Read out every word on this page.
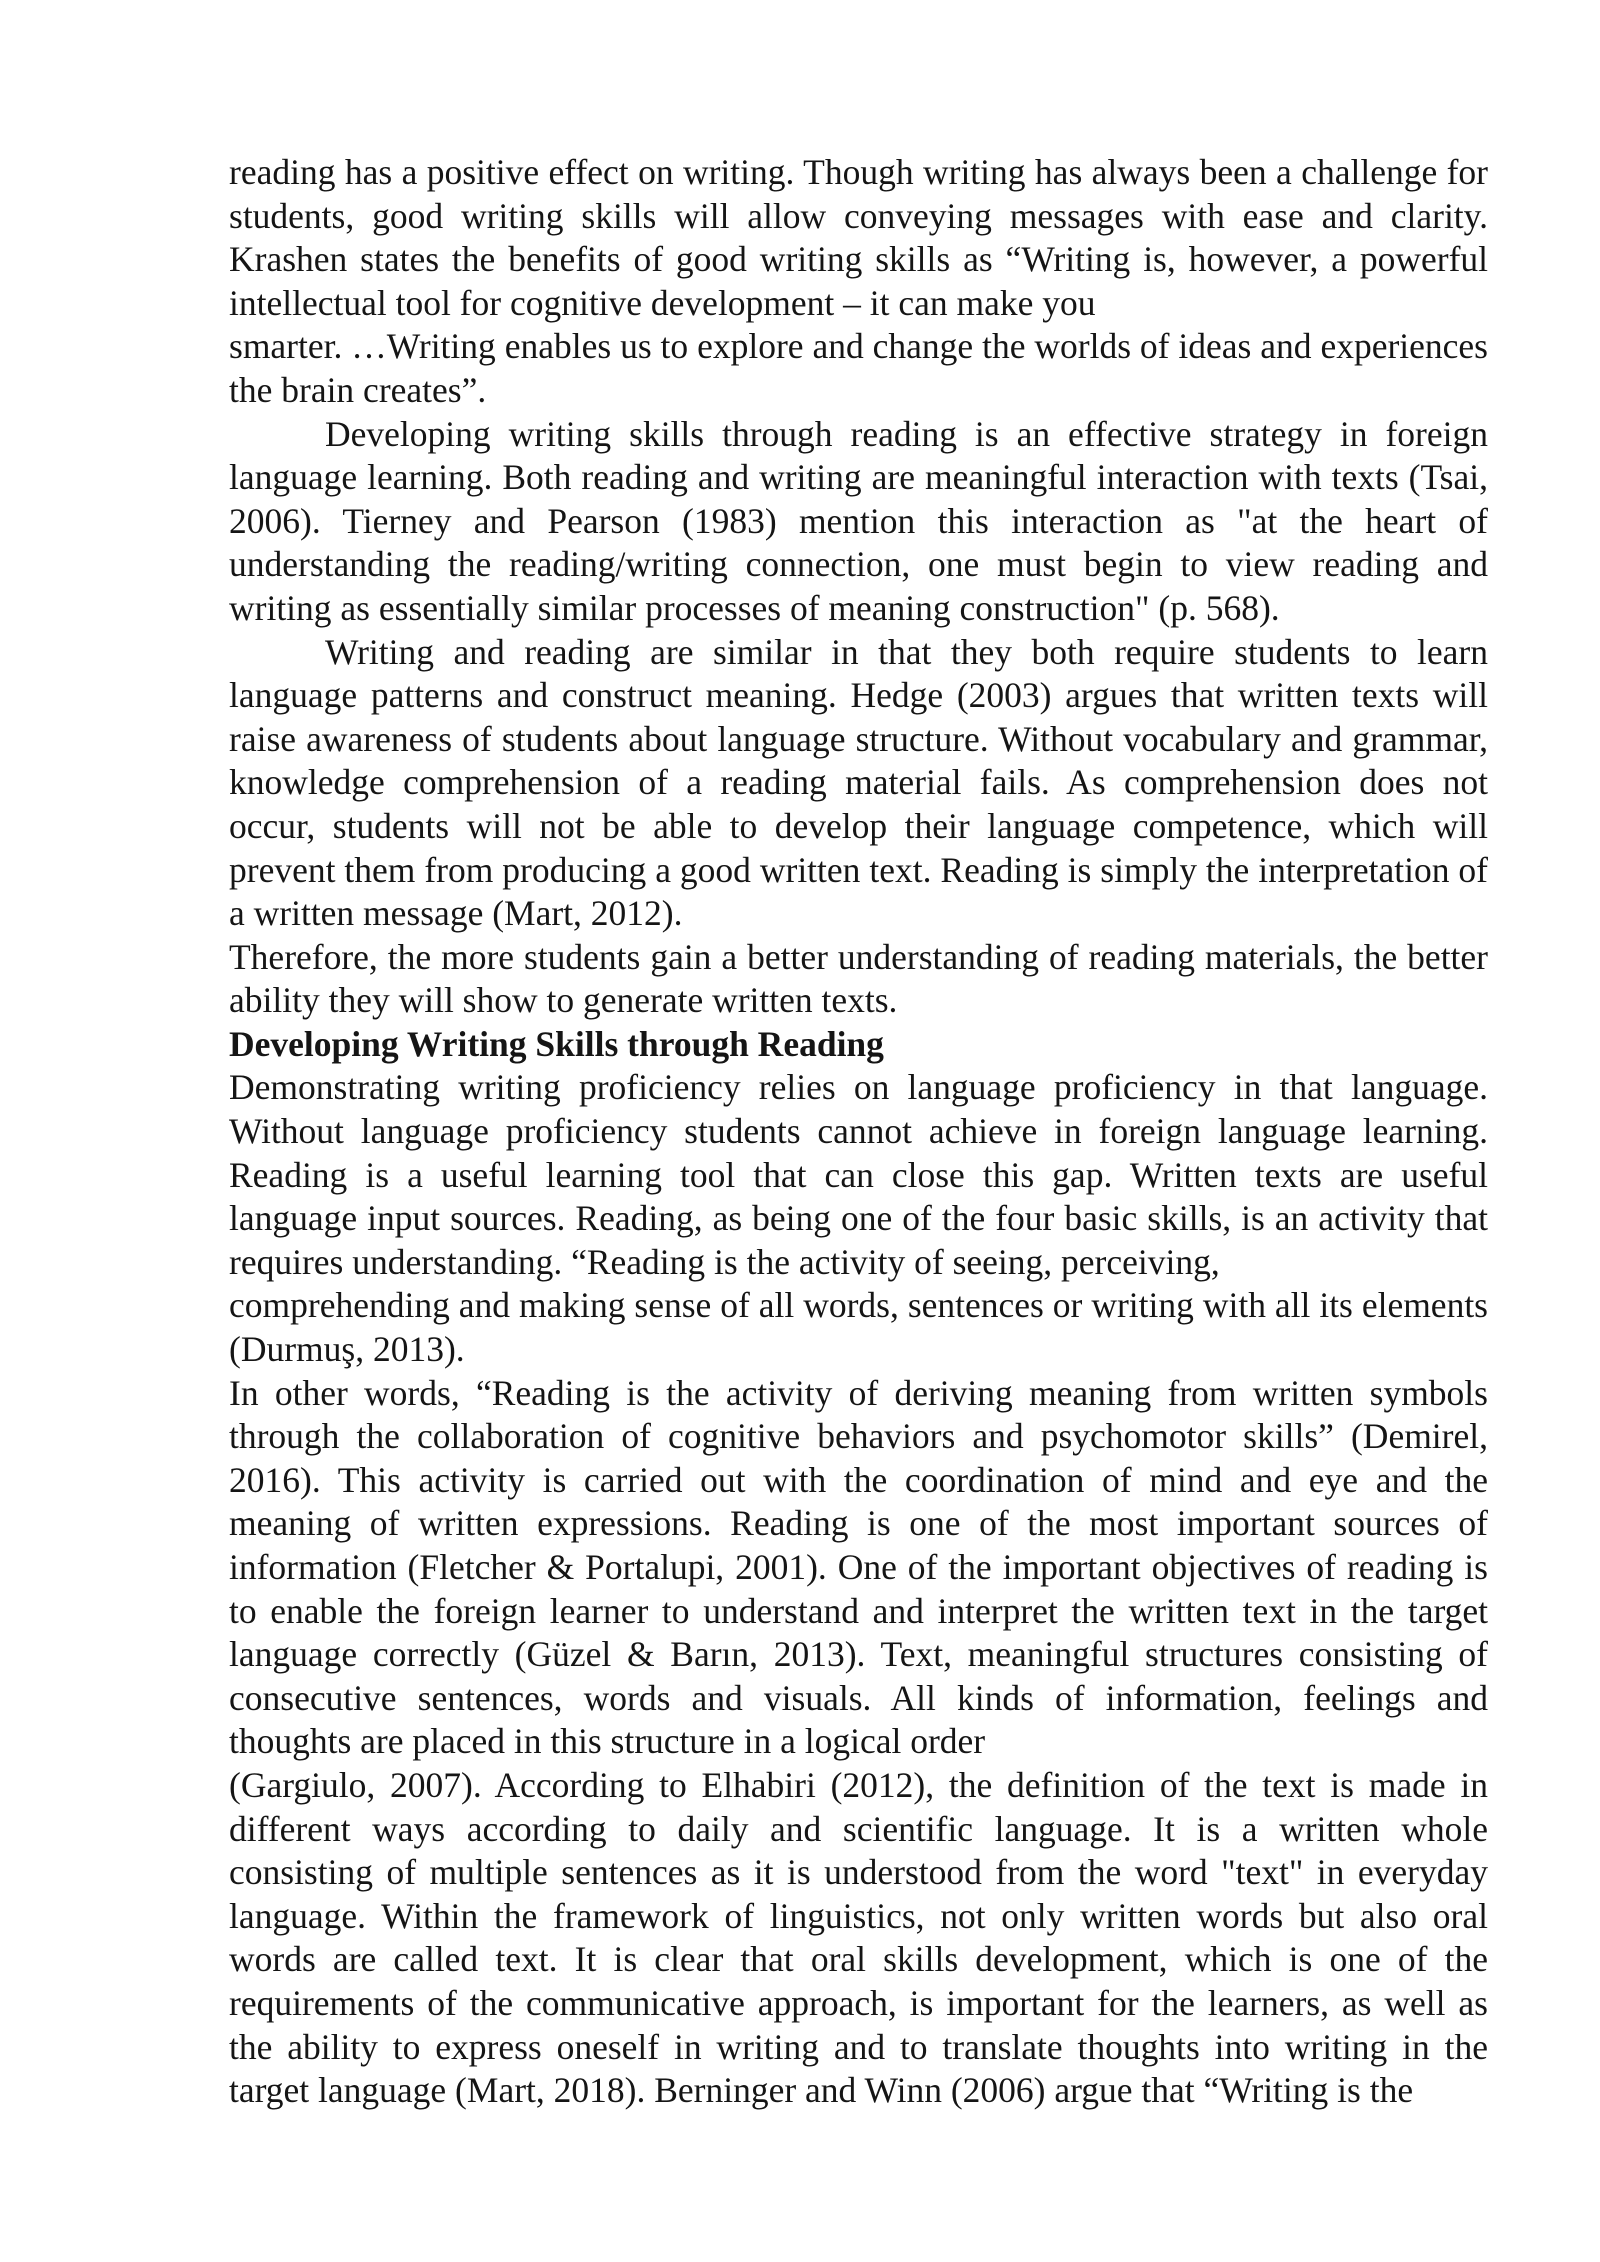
reading has a positive effect on writing. Though writing has always been a challenge for students, good writing skills will allow conveying messages with ease and clarity. Krashen states the benefits of good writing skills as “Writing is, however, a powerful intellectual tool for cognitive development – it can make you

smarter. …Writing enables us to explore and change the worlds of ideas and experiences the brain creates”.

Developing writing skills through reading is an effective strategy in foreign language learning. Both reading and writing are meaningful interaction with texts (Tsai, 2006). Tierney and Pearson (1983) mention this interaction as "at the heart of understanding the reading/writing connection, one must begin to view reading and writing as essentially similar processes of meaning construction" (p. 568).

Writing and reading are similar in that they both require students to learn language patterns and construct meaning. Hedge (2003) argues that written texts will raise awareness of students about language structure. Without vocabulary and grammar, knowledge comprehension of a reading material fails. As comprehension does not occur, students will not be able to develop their language competence, which will prevent them from producing a good written text. Reading is simply the interpretation of a written message (Mart, 2012).

Therefore, the more students gain a better understanding of reading materials, the better ability they will show to generate written texts.

Developing Writing Skills through Reading

Demonstrating writing proficiency relies on language proficiency in that language. Without language proficiency students cannot achieve in foreign language learning. Reading is a useful learning tool that can close this gap. Written texts are useful language input sources. Reading, as being one of the four basic skills, is an activity that requires understanding. “Reading is the activity of seeing, perceiving,

comprehending and making sense of all words, sentences or writing with all its elements (Durmuş, 2013).

In other words, “Reading is the activity of deriving meaning from written symbols through the collaboration of cognitive behaviors and psychomotor skills” (Demirel, 2016). This activity is carried out with the coordination of mind and eye and the meaning of written expressions. Reading is one of the most important sources of information (Fletcher & Portalupi, 2001). One of the important objectives of reading is to enable the foreign learner to understand and interpret the written text in the target language correctly (Güzel & Barın, 2013). Text, meaningful structures consisting of consecutive sentences, words and visuals. All kinds of information, feelings and thoughts are placed in this structure in a logical order

(Gargiulo, 2007). According to Elhabiri (2012), the definition of the text is made in different ways according to daily and scientific language. It is a written whole consisting of multiple sentences as it is understood from the word "text" in everyday language. Within the framework of linguistics, not only written words but also oral words are called text. It is clear that oral skills development, which is one of the requirements of the communicative approach, is important for the learners, as well as the ability to express oneself in writing and to translate thoughts into writing in the target language (Mart, 2018). Berninger and Winn (2006) argue that “Writing is the
